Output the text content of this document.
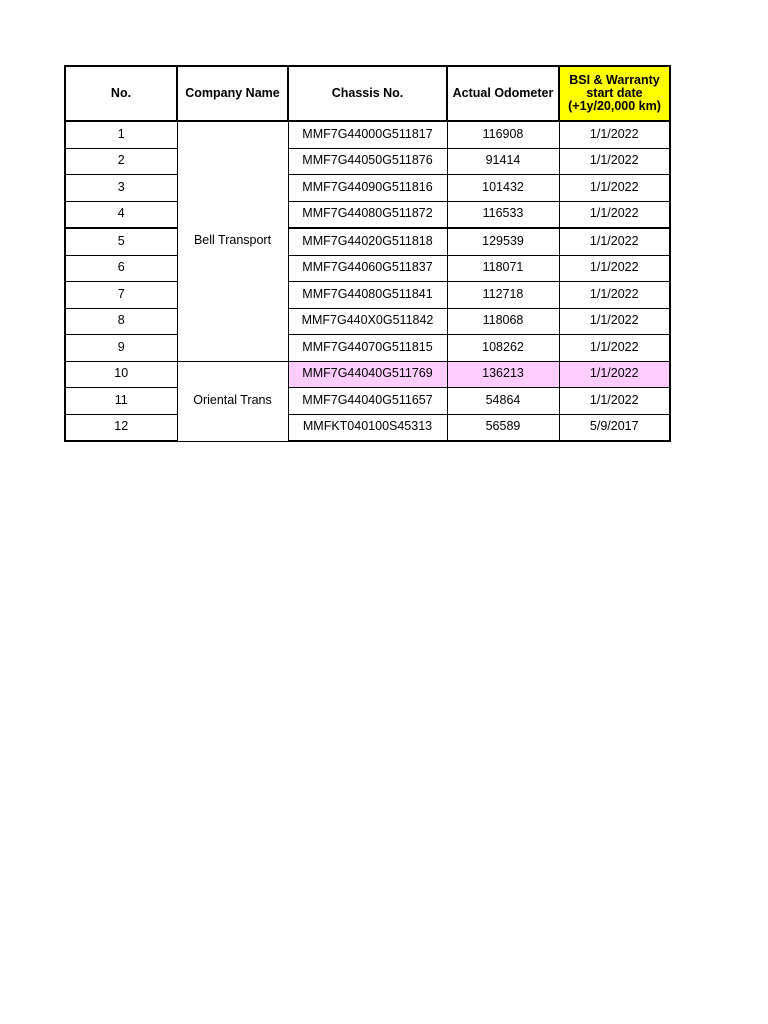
No.	Company Name	Chassis No.	Actual Odometer	BSI & Warranty start date (+1y/20,000 km)
1	Bell Transport	MMF7G44000G511817	116908	1/1/2022
2		MMF7G44050G511876	91414	1/1/2022
3		MMF7G44090G511816	101432	1/1/2022
4		MMF7G44080G511872	116533	1/1/2022
5		MMF7G44020G511818	129539	1/1/2022
6		MMF7G44060G511837	118071	1/1/2022
7		MMF7G44080G511841	112718	1/1/2022
8		MMF7G440X0G511842	118068	1/1/2022
9		MMF7G44070G511815	108262	1/1/2022
10	Oriental Trans	MMF7G44040G511769	136213	1/1/2022
11		MMF7G44040G511657	54864	1/1/2022
12		MMFKT040100S45313	56589	5/9/2017
